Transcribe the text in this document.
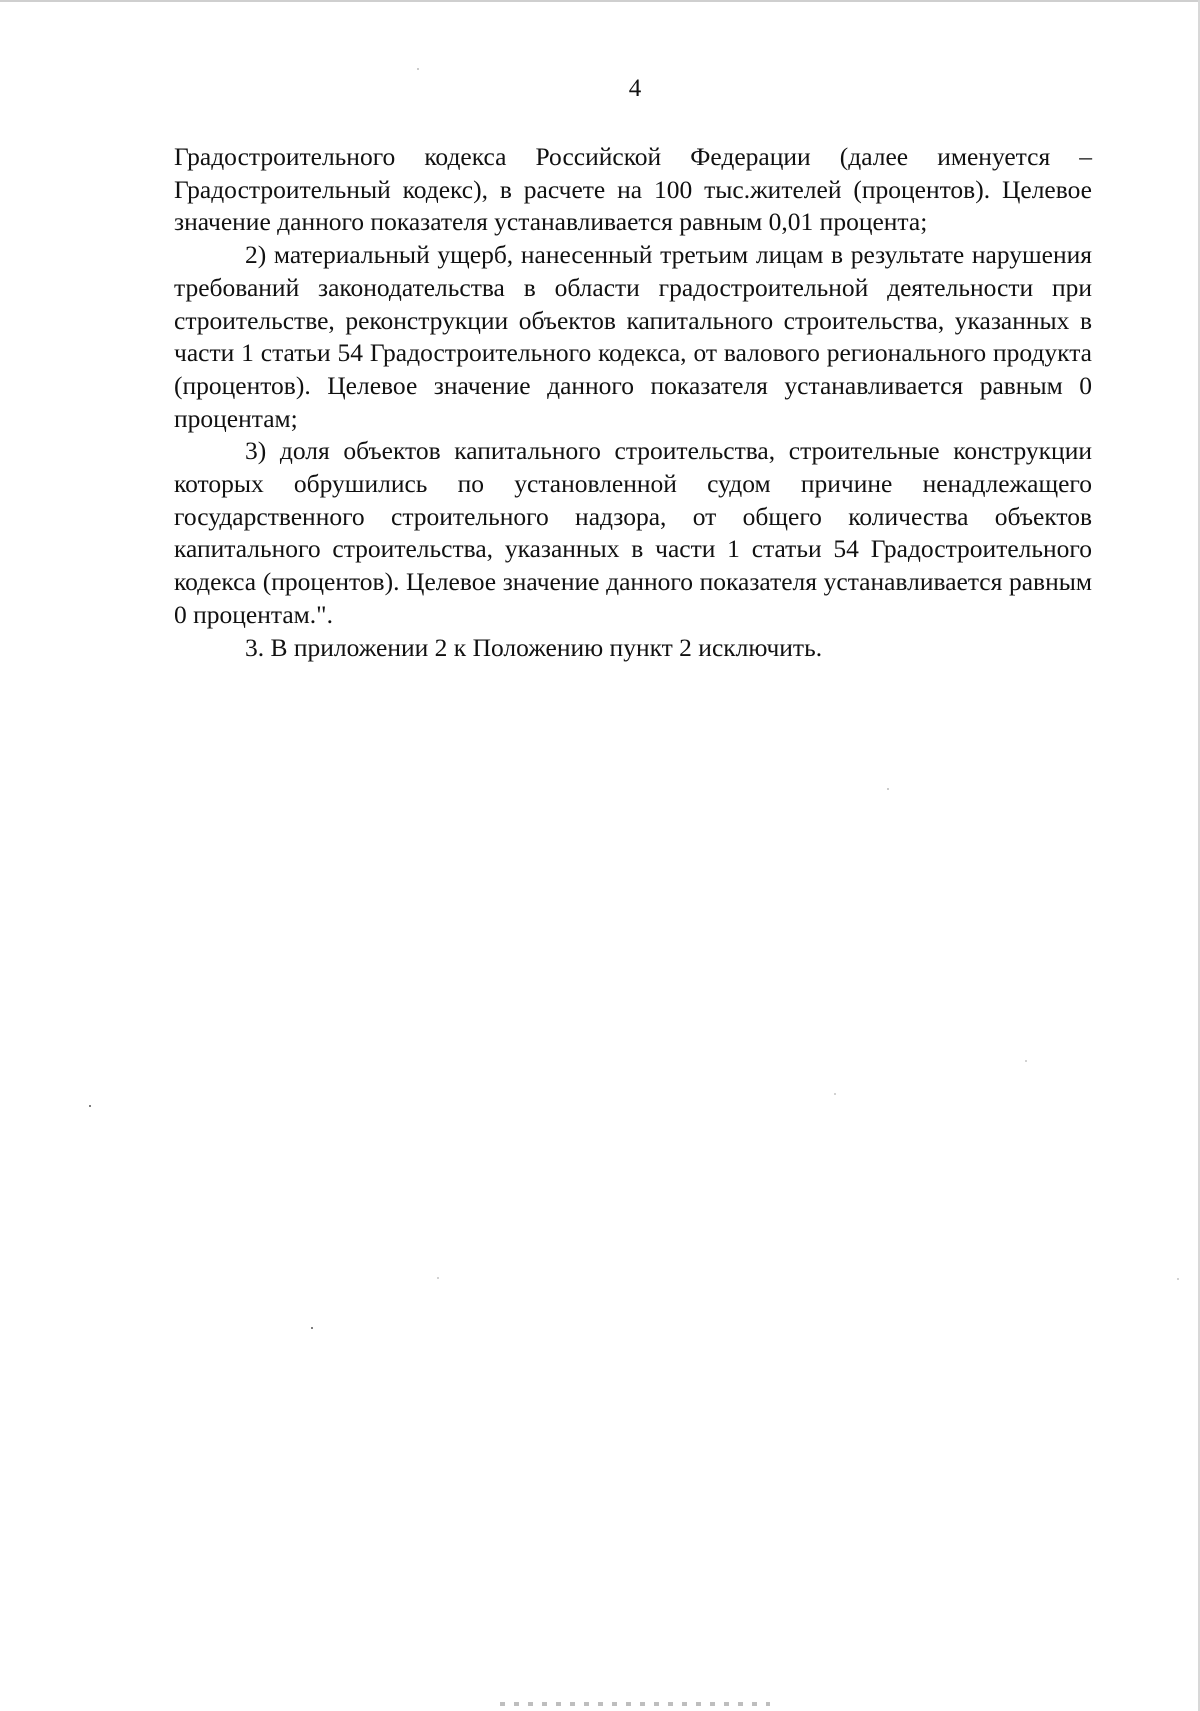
4

Градостроительного кодекса Российской Федерации (далее именуется – Градостроительный кодекс), в расчете на 100 тыс.жителей (процентов). Целевое значение данного показателя устанавливается равным 0,01 процента;

2) материальный ущерб, нанесенный третьим лицам в результате нарушения требований законодательства в области градостроительной деятельности при строительстве, реконструкции объектов капитального строительства, указанных в части 1 статьи 54 Градостроительного кодекса, от валового регионального продукта (процентов). Целевое значение данного показателя устанавливается равным 0 процентам;

3) доля объектов капитального строительства, строительные конструкции которых обрушились по установленной судом причине ненадлежащего государственного строительного надзора, от общего количества объектов капитального строительства, указанных в части 1 статьи 54 Градостроительного кодекса (процентов). Целевое значение данного показателя устанавливается равным 0 процентам.".

3. В приложении 2 к Положению пункт 2 исключить.
